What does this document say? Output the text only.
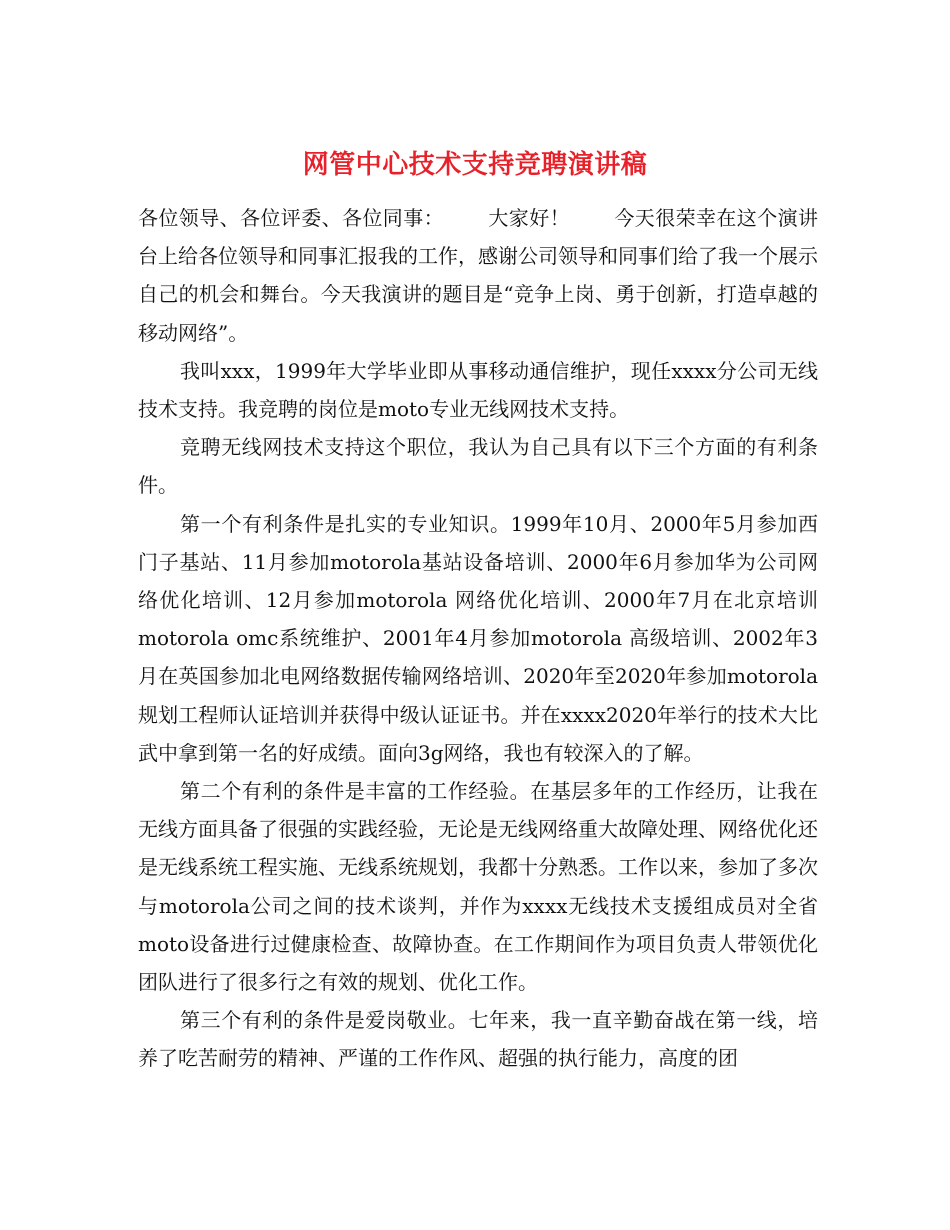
网管中心技术支持竞聘演讲稿

各位领导、各位评委、各位同事： 大家好！ 今天很荣幸在这个演讲台上给各位领导和同事汇报我的工作，感谢公司领导和同事们给了我一个展示自己的机会和舞台。今天我演讲的题目是“竞争上岗、勇于创新，打造卓越的移动网络”。

我叫xxx，1999年大学毕业即从事移动通信维护，现任xxxx分公司无线技术支持。我竞聘的岗位是moto专业无线网技术支持。

竞聘无线网技术支持这个职位，我认为自己具有以下三个方面的有利条件。

第一个有利条件是扎实的专业知识。1999年10月、2000年5月参加西门子基站、11月参加motorola基站设备培训、2000年6月参加华为公司网络优化培训、12月参加motorola 网络优化培训、2000年7月在北京培训motorola omc系统维护、2001年4月参加motorola 高级培训、2002年3月在英国参加北电网络数据传输网络培训、2020年至2020年参加motorola规划工程师认证培训并获得中级认证证书。并在xxxx2020年举行的技术大比武中拿到第一名的好成绩。面向3g网络，我也有较深入的了解。

第二个有利的条件是丰富的工作经验。在基层多年的工作经历，让我在无线方面具备了很强的实践经验，无论是无线网络重大故障处理、网络优化还是无线系统工程实施、无线系统规划，我都十分熟悉。工作以来，参加了多次与motorola公司之间的技术谈判，并作为xxxx无线技术支援组成员对全省moto设备进行过健康检查、故障协查。在工作期间作为项目负责人带领优化团队进行了很多行之有效的规划、优化工作。

第三个有利的条件是爱岗敬业。七年来，我一直辛勤奋战在第一线，培养了吃苦耐劳的精神、严谨的工作作风、超强的执行能力，高度的团
